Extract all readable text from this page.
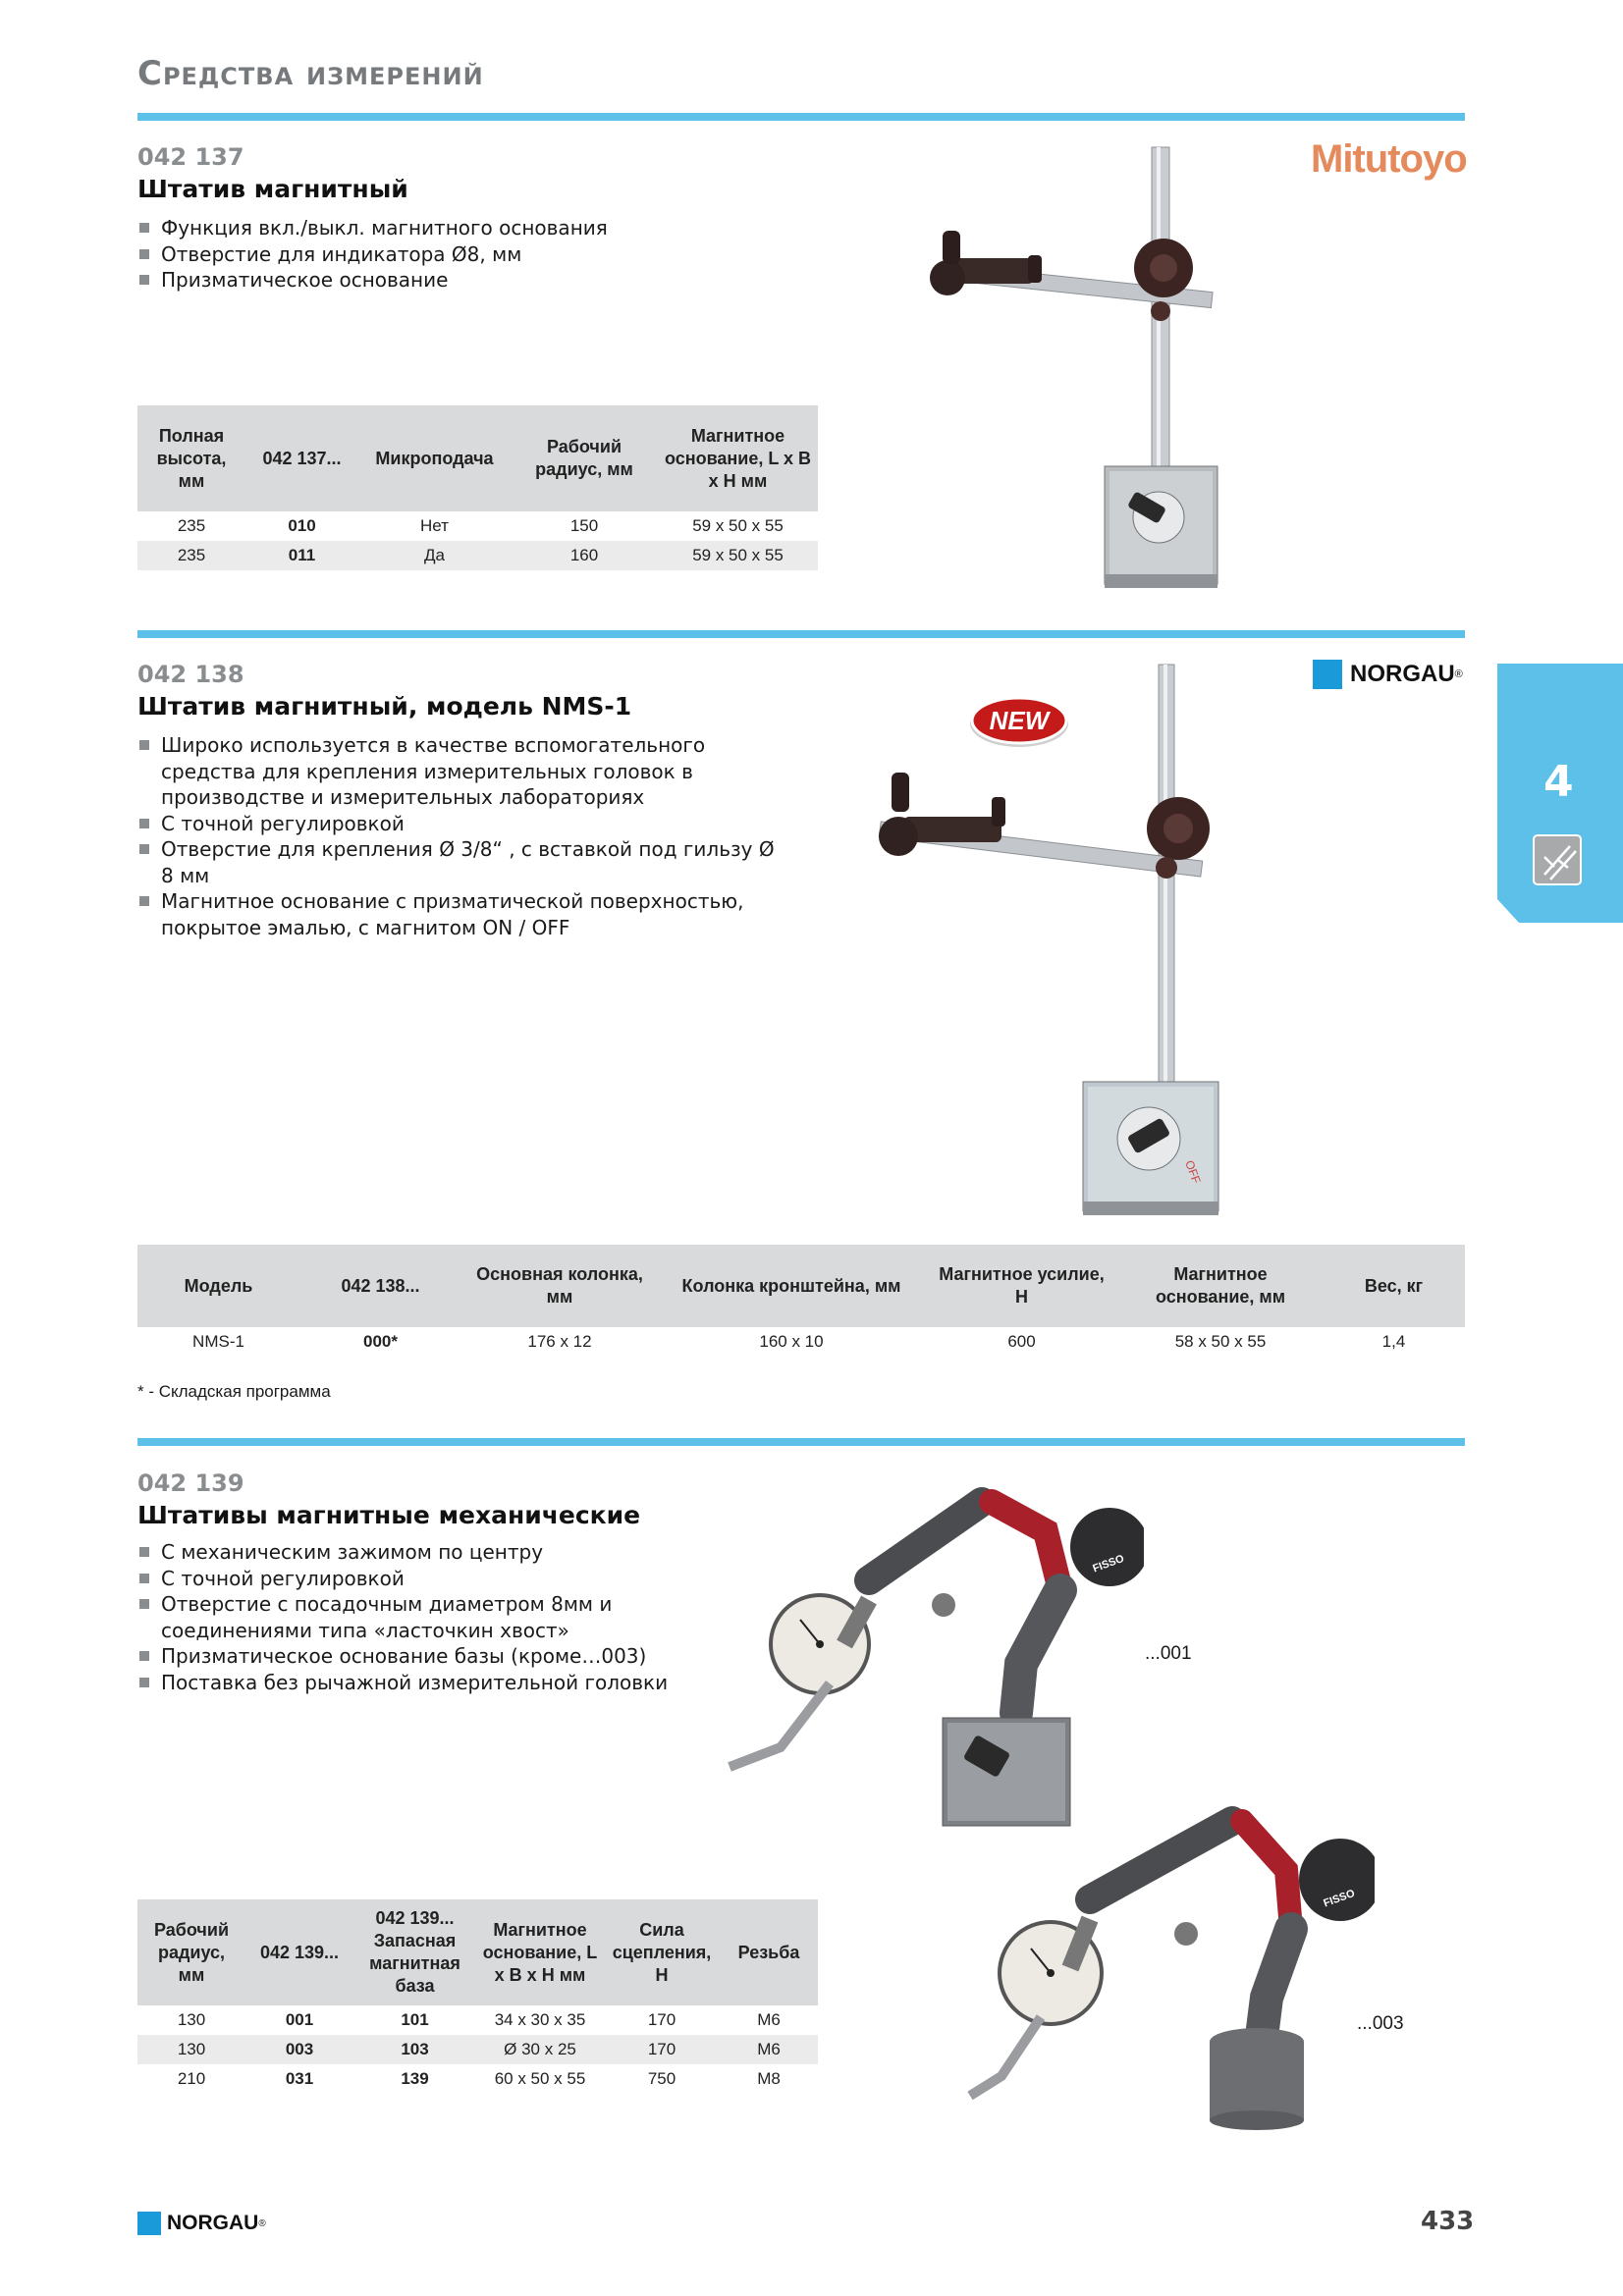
Средства измерений
4
042 137
Штатив магнитный
Функция вкл./выкл. магнитного основания
Отверстие для индикатора Ø8, мм
Призматическое основание
Mitutoyo
Полная высота, мм	042 137...	Микроподача	Рабочий радиус, мм	Магнитное основание, L x B x H мм
235	010	Нет	150	59 x 50 x 55
235	011	Да	160	59 x 50 x 55
042 138
Штатив магнитный, модель NMS-1
Широко используется в качестве вспомогательного средства для крепления измерительных головок в производстве и измерительных лабораториях
С точной регулировкой
Отверстие для крепления Ø 3/8“ , с вставкой под гильзу Ø 8 мм
Магнитное основание с призматической поверхностью, покрытое эмалью, с магнитом ON / OFF
NORGAU ®
NEW
OFF
Модель	042 138...	Основная колонка, мм	Колонка кронштейна, мм	Магнитное усилие, Н	Магнитное основание, мм	Вес, кг
NMS-1	000*	176 x 12	160 x 10	600	58 x 50 x 55	1,4
* - Складская программа
042 139
Штативы магнитные механические
С механическим зажимом по центру
С точной регулировкой
Отверстие с посадочным диаметром 8мм и соединениями типа «ласточкин хвост»
Призматическое основание базы (кроме…003)
Поставка без рычажной измерительной головки
FISSO
...001
FISSO
...003
Рабочий радиус, мм	042 139...	042 139... Запасная магнитная база	Магнитное основание, L x B x H мм	Сила сцепления, Н	Резьба
130	001	101	34 x 30 x 35	170	M6
130	003	103	Ø 30 x 25	170	M6
210	031	139	60 x 50 x 55	750	M8
NORGAU ®	433
